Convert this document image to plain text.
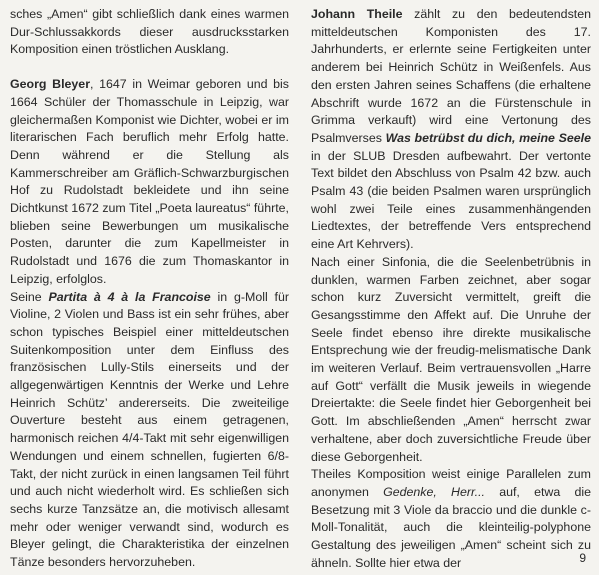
sches „Amen“ gibt schließlich dank eines warmen Dur-Schlussakkords dieser ausdrucksstarken Komposition einen tröstlichen Ausklang.

Georg Bleyer, 1647 in Weimar geboren und bis 1664 Schüler der Thomasschule in Leipzig, war gleichermaßen Komponist wie Dichter, wobei er im literarischen Fach beruflich mehr Erfolg hatte. Denn während er die Stellung als Kammerschreiber am Gräflich-Schwarzburgischen Hof zu Rudolstadt bekleidete und ihn seine Dichtkunst 1672 zum Titel „Poeta laureatus“ führte, blieben seine Bewerbungen um musikalische Posten, darunter die zum Kapellmeister in Rudolstadt und 1676 die zum Thomaskantor in Leipzig, erfolglos.

Seine Partita à 4 à la Francoise in g-Moll für Violine, 2 Violen und Bass ist ein sehr frühes, aber schon typisches Beispiel einer mitteldeutschen Suitenkomposition unter dem Einfluss des französischen Lully-Stils einerseits und der allgegenwärtigen Kenntnis der Werke und Lehre Heinrich Schütz’ andererseits. Die zweiteilige Ouverture besteht aus einem getragenen, harmonisch reichen 4/4-Takt mit sehr eigenwilligen Wendungen und einem schnellen, fugierten 6/8-Takt, der nicht zurück in einen langsamen Teil führt und auch nicht wiederholt wird. Es schließen sich sechs kurze Tanzsätze an, die motivisch allesamt mehr oder weniger verwandt sind, wodurch es Bleyer gelingt, die Charakteristika der einzelnen Tänze besonders hervorzuheben.

Johann Theile zählt zu den bedeutendsten mitteldeutschen Komponisten des 17. Jahrhunderts, er erlernte seine Fertigkeiten unter anderem bei Heinrich Schütz in Weißenfels. Aus den ersten Jahren seines Schaffens (die erhaltene Abschrift wurde 1672 an die Fürstenschule in Grimma verkauft) wird eine Vertonung des Psalmverses Was betrübst du dich, meine Seele in der SLUB Dresden aufbewahrt. Der vertonte Text bildet den Abschluss von Psalm 42 bzw. auch Psalm 43 (die beiden Psalmen waren ursprünglich wohl zwei Teile eines zusammenhängenden Liedtextes, der betreffende Vers entsprechend eine Art Kehrvers).

Nach einer Sinfonia, die die Seelenbetrübnis in dunklen, warmen Farben zeichnet, aber sogar schon kurz Zuversicht vermittelt, greift die Gesangsstimme den Affekt auf. Die Unruhe der Seele findet ebenso ihre direkte musikalische Entsprechung wie der freudig-melismatische Dank im weiteren Verlauf. Beim vertrauensvollen „Harre auf Gott“ verfällt die Musik jeweils in wiegende Dreiertakte: die Seele findet hier Geborgenheit bei Gott. Im abschließenden „Amen“ herrscht zwar verhaltene, aber doch zuversichtliche Freude über diese Geborgenheit.

Theiles Komposition weist einige Parallelen zum anonymen Gedenke, Herr... auf, etwa die Besetzung mit 3 Viole da braccio und die dunkle c-Moll-Tonalität, auch die kleinteilig-polyphone Gestaltung des jeweiligen „Amen“ scheint sich zu ähneln. Sollte hier etwa der	9
